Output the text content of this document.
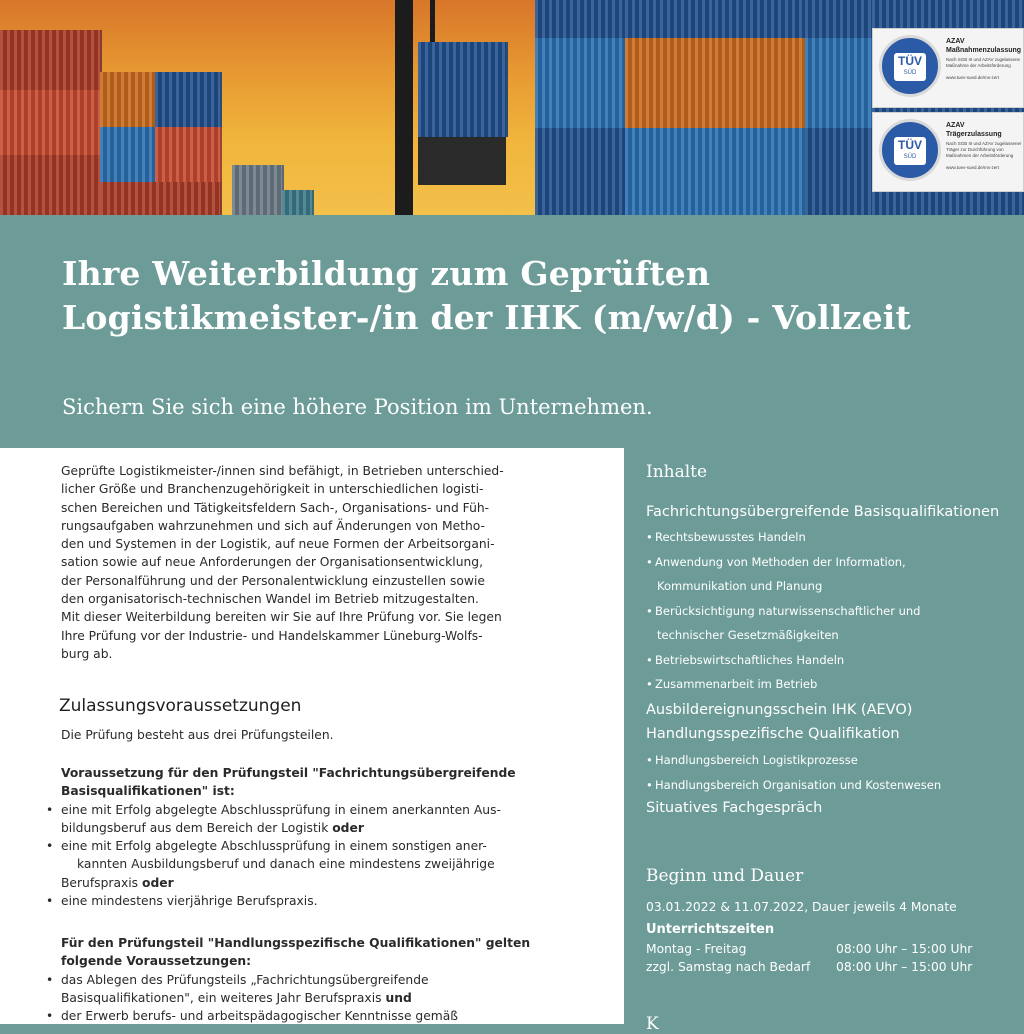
TÜV
SÜD
AZAV
Maßnahmenzulassung
Nach SGB III und AZAV zugelassene Maßnahme der Arbeitsförderung
www.tuev-sued.de/ms-zert
TÜV
SÜD
AZAV
Trägerzulassung
Nach SGB III und AZAV zugelassener Träger zur Durchführung von Maßnahmen der Arbeitsförderung
www.tuev-sued.de/ms-zert
Ihre Weiterbildung zum Geprüften
Logistikmeister-/in der IHK (m/w/d) - Vollzeit

Sichern Sie sich eine höhere Position im Unternehmen.

Geprüfte Logistikmeister-/innen sind befähigt, in Betrieben unterschied-
licher Größe und Branchenzugehörigkeit in unterschiedlichen logisti-
schen Bereichen und Tätigkeitsfeldern Sach-, Organisations- und Füh-
rungsaufgaben wahrzunehmen und sich auf Änderungen von Metho-
den und Systemen in der Logistik, auf neue Formen der Arbeitsorgani-
sation sowie auf neue Anforderungen der Organisationsentwicklung,
der Personalführung und der Personalentwicklung einzustellen sowie
den organisatorisch-technischen Wandel im Betrieb mitzugestalten.
Mit dieser Weiterbildung bereiten wir Sie auf Ihre Prüfung vor. Sie legen
Ihre Prüfung vor der Industrie- und Handelskammer Lüneburg-Wolfs-
burg ab.

Zulassungsvoraussetzungen

Die Prüfung besteht aus drei Prüfungsteilen.

Voraussetzung für den Prüfungsteil "Fachrichtungsübergreifende
Basisqualifikationen" ist:
• eine mit Erfolg abgelegte Abschlussprüfung in einem anerkannten Aus-
bildungsberuf aus dem Bereich der Logistik oder
• eine mit Erfolg abgelegte Abschlussprüfung in einem sonstigen aner-
kannten Ausbildungsberuf und danach eine mindestens zweijährige
Berufspraxis oder
• eine mindestens vierjährige Berufspraxis.
Für den Prüfungsteil "Handlungsspezifische Qualifikationen" gelten
folgende Voraussetzungen:
• das Ablegen des Prüfungsteils „Fachrichtungsübergreifende
Basisqualifikationen", ein weiteres Jahr Berufspraxis und
• der Erwerb berufs- und arbeitspädagogischer Kenntnisse gemäß
Inhalte
Fachrichtungsübergreifende Basisqualifikationen
• Rechtsbewusstes Handeln
• Anwendung von Methoden der Information,
Kommunikation und Planung
• Berücksichtigung naturwissenschaftlicher und
technischer Gesetzmäßigkeiten
• Betriebswirtschaftliches Handeln
• Zusammenarbeit im Betrieb
Ausbildereignungsschein IHK (AEVO)
Handlungsspezifische Qualifikation
• Handlungsbereich Logistikprozesse
• Handlungsbereich Organisation und Kostenwesen
Situatives Fachgespräch
Beginn und Dauer
03.01.2022 & 11.07.2022, Dauer jeweils 4 Monate
Unterrichtszeiten
Montag - Freitag	08:00 Uhr – 15:00 Uhr
zzgl. Samstag nach Bedarf 08:00 Uhr – 15:00 Uhr
K
